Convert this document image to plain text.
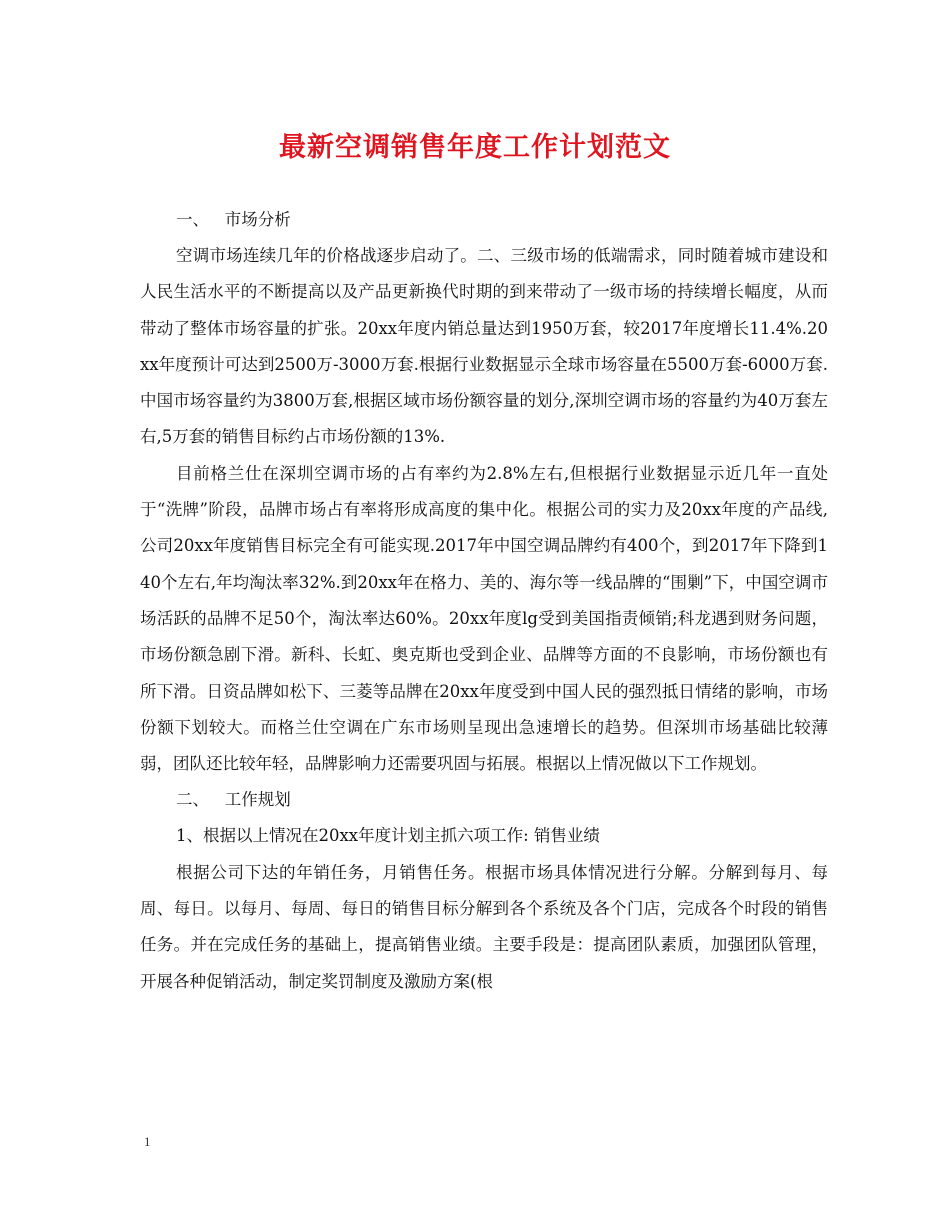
最新空调销售年度工作计划范文

一、   市场分析

空调市场连续几年的价格战逐步启动了。二、三级市场的低端需求，同时随着城市建设和人民生活水平的不断提高以及产品更新换代时期的到来带动了一级市场的持续增长幅度，从而带动了整体市场容量的扩张。20xx年度内销总量达到1950万套，较2017年度增长11.4%.20xx年度预计可达到2500万-3000万套.根据行业数据显示全球市场容量在5500万套-6000万套.中国市场容量约为3800万套,根据区域市场份额容量的划分,深圳空调市场的容量约为40万套左右,5万套的销售目标约占市场份额的13%.

目前格兰仕在深圳空调市场的占有率约为2.8%左右,但根据行业数据显示近几年一直处于“洗牌”阶段，品牌市场占有率将形成高度的集中化。根据公司的实力及20xx年度的产品线,公司20xx年度销售目标完全有可能实现.2017年中国空调品牌约有400个，到2017年下降到140个左右,年均淘汰率32%.到20xx年在格力、美的、海尔等一线品牌的“围剿”下，中国空调市场活跃的品牌不足50个，淘汰率达60%。20xx年度lg受到美国指责倾销;科龙遇到财务问题，市场份额急剧下滑。新科、长虹、奥克斯也受到企业、品牌等方面的不良影响，市场份额也有所下滑。日资品牌如松下、三菱等品牌在20xx年度受到中国人民的强烈抵日情绪的影响，市场份额下划较大。而格兰仕空调在广东市场则呈现出急速增长的趋势。但深圳市场基础比较薄弱，团队还比较年轻，品牌影响力还需要巩固与拓展。根据以上情况做以下工作规划。

二、   工作规划

1、根据以上情况在20xx年度计划主抓六项工作: 销售业绩

根据公司下达的年销任务，月销售任务。根据市场具体情况进行分解。分解到每月、每周、每日。以每月、每周、每日的销售目标分解到各个系统及各个门店，完成各个时段的销售任务。并在完成任务的基础上，提高销售业绩。主要手段是：提高团队素质，加强团队管理，开展各种促销活动，制定奖罚制度及激励方案(根

1
